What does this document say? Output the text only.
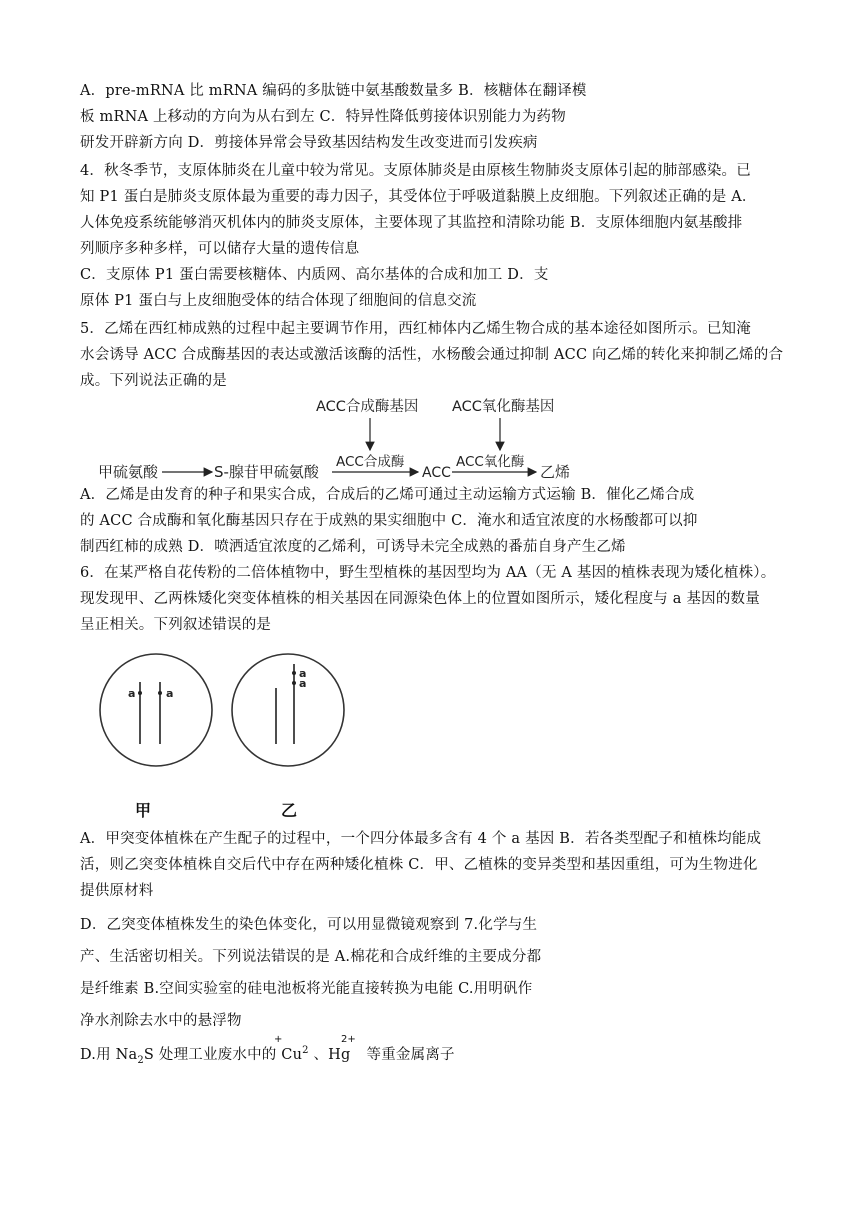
A．pre-mRNA 比 mRNA 编码的多肽链中氨基酸数量多 B．核糖体在翻译模
板 mRNA 上移动的方向为从右到左 C．特异性降低剪接体识别能力为药物
研发开辟新方向 D．剪接体异常会导致基因结构发生改变进而引发疾病
4．秋冬季节，支原体肺炎在儿童中较为常见。支原体肺炎是由原核生物肺炎支原体引起的肺部感染。已
知 P1 蛋白是肺炎支原体最为重要的毒力因子，其受体位于呼吸道黏膜上皮细胞。下列叙述正确的是 A．
人体免疫系统能够消灭机体内的肺炎支原体，主要体现了其监控和清除功能 B．支原体细胞内氨基酸排
列顺序多种多样，可以储存大量的遗传信息
C．支原体 P1 蛋白需要核糖体、内质网、高尔基体的合成和加工 D．支
原体 P1 蛋白与上皮细胞受体的结合体现了细胞间的信息交流
5．乙烯在西红柿成熟的过程中起主要调节作用，西红柿体内乙烯生物合成的基本途径如图所示。已知淹
水会诱导 ACC 合成酶基因的表达或激活该酶的活性，水杨酸会通过抑制 ACC 向乙烯的转化来抑制乙烯的合
成。下列说法正确的是
ACC合成酶基因 ACC氧化酶基因
甲硫氨酸	S-腺苷甲硫氨酸
ACC合成酶
ACC
ACC氧化酶
乙烯
A．乙烯是由发育的种子和果实合成，合成后的乙烯可通过主动运输方式运输 B．催化乙烯合成
的 ACC 合成酶和氧化酶基因只存在于成熟的果实细胞中 C．淹水和适宜浓度的水杨酸都可以抑
制西红柿的成熟 D．喷洒适宜浓度的乙烯利，可诱导未完全成熟的番茄自身产生乙烯
6．在某严格自花传粉的二倍体植物中，野生型植株的基因型均为 AA（无 A 基因的植株表现为矮化植株）。
现发现甲、乙两株矮化突变体植株的相关基因在同源染色体上的位置如图所示，矮化程度与 a 基因的数量
呈正相关。下列叙述错误的是
a	a
a
a
甲	乙
A．甲突变体植株在产生配子的过程中，一个四分体最多含有 4 个 a 基因 B．若各类型配子和植株均能成
活，则乙突变体植株自交后代中存在两种矮化植株 C．甲、乙植株的变异类型和基因重组，可为生物进化
提供原材料
D．乙突变体植株发生的染色体变化，可以用显微镜观察到 7.化学与生
产、生活密切相关。下列说法错误的是 A.棉花和合成纤维的主要成分都
是纤维素 B.空间实验室的硅电池板将光能直接转换为电能 C.用明矾作
净水剂除去水中的悬浮物
D.用 $Na_2S$ 处理工业废水中的 Cu$^2$ 、Hg 等重金属离子
+	2+
